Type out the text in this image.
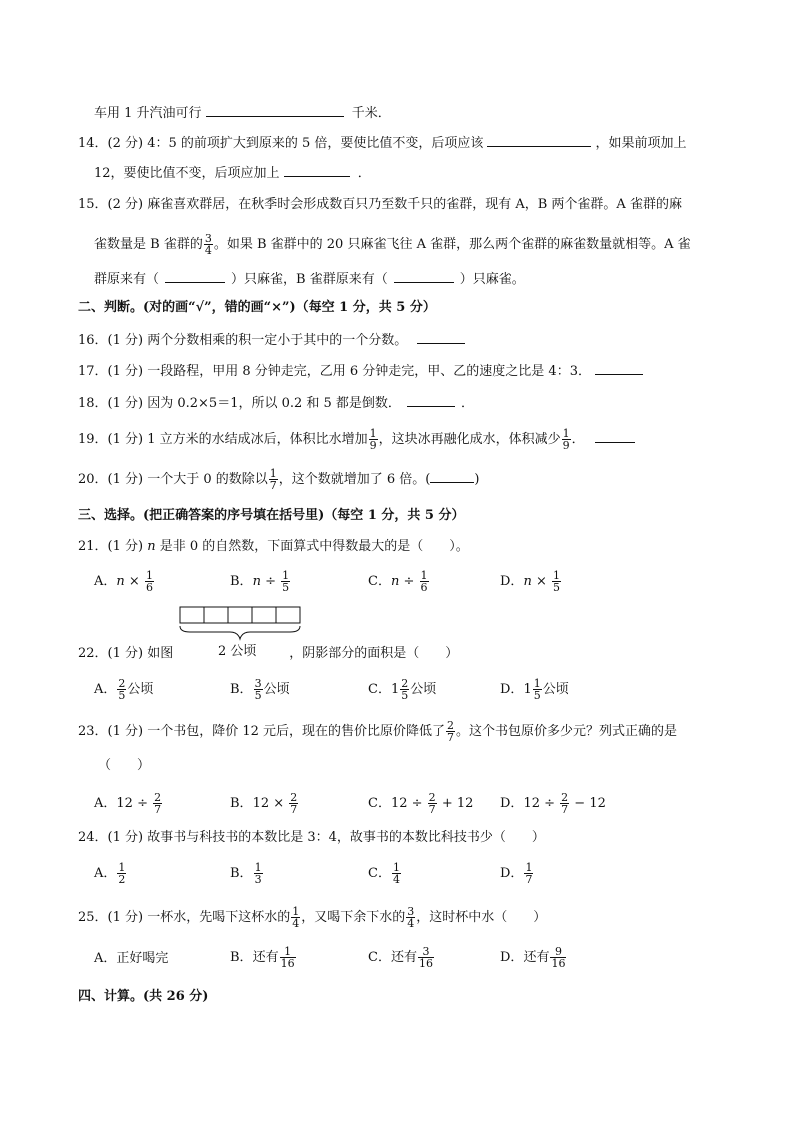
车用 1 升汽油可行	千米．
14．(2 分) 4：5 的前项扩大到原来的 5 倍，要使比值不变，后项应该	，如果前项加上
12，要使比值不变，后项应加上	．
15．(2 分) 麻雀喜欢群居，在秋季时会形成数百只乃至数千只的雀群，现有 A，B 两个雀群。A 雀群的麻
雀数量是 B 雀群的 $\frac{3}{4}$ 。如果 B 雀群中的 20 只麻雀飞往 A 雀群，那么两个雀群的麻雀数量就相等。A 雀
群原来有（	）只麻雀，B 雀群原来有（	）只麻雀。
二、判断。(对的画“√”，错的画“×”)（每空 1 分，共 5 分）
16．(1 分) 两个分数相乘的积一定小于其中的一个分数。
17．(1 分) 一段路程，甲用 8 分钟走完，乙用 6 分钟走完，甲、乙的速度之比是 4：3．
18．(1 分) 因为 0.2×5＝1，所以 0.2 和 5 都是倒数．	．
19．(1 分) 1 立方米的水结成冰后，体积比水增加 $\frac{1}{9}$ ，这块冰再融化成水，体积减少 $\frac{1}{9}$ ．
20．(1 分) 一个大于 0 的数除以 $\frac{1}{7}$ ，这个数就增加了 6 倍。(	)
三、选择。(把正确答案的序号填在括号里)（每空 1 分，共 5 分）
21．(1 分) n 是非 0 的自然数，下面算式中得数最大的是（　　）。
A．$n \times \frac{1}{6}$	B．$n \div \frac{1}{5}$	C．$n \div \frac{1}{6}$	D．$n \times \frac{1}{5}$
2 公顷
22．(1 分) 如图	，阴影部分的面积是（　　）
A． $\frac{2}{5}$ 公顷	B． $\frac{3}{5}$ 公顷	C．$1 \frac{2}{5}$ 公顷	D．$1 \frac{1}{5}$ 公顷
23．(1 分) 一个书包，降价 12 元后，现在的售价比原价降低了 $\frac{2}{7}$ 。这个书包原价多少元？列式正确的是
（　　）
A．$12 \div \frac{2}{7}$	B．$12 \times \frac{2}{7}$	C．$12 \div \frac{2}{7} + 12$ D．$12 \div \frac{2}{7} - 12$
24．(1 分) 故事书与科技书的本数比是 3：4，故事书的本数比科技书少（　　）
A． $\frac{1}{2}$	B． $\frac{1}{3}$	C． $\frac{1}{4}$	D． $\frac{1}{7}$
25．(1 分) 一杯水，先喝下这杯水的 $\frac{1}{4}$ ，又喝下余下水的 $\frac{3}{4}$ ，这时杯中水（　　）
A．正好喝完	B．还有 $\frac{1}{16}$	C．还有 $\frac{3}{16}$	D．还有 $\frac{9}{16}$
四、计算。(共 26 分)
